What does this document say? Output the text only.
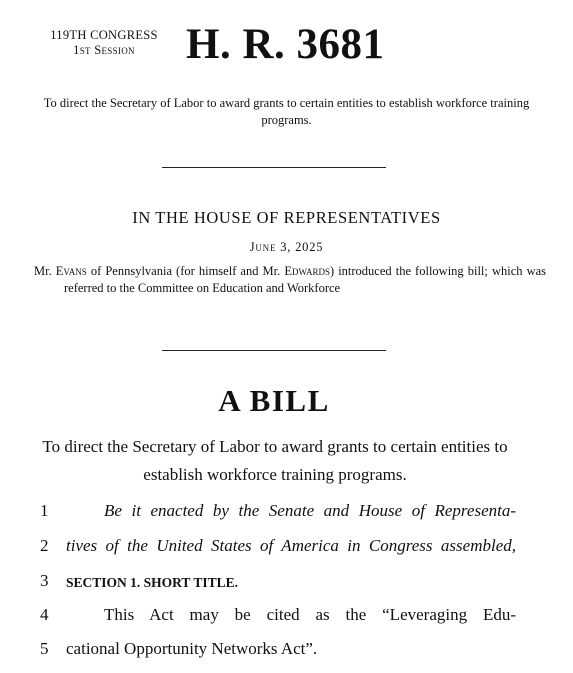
119TH CONGRESS
1st Session	H. R. 3681
To direct the Secretary of Labor to award grants to certain entities to establish workforce training programs.
IN THE HOUSE OF REPRESENTATIVES
June 3, 2025
Mr. Evans of Pennsylvania (for himself and Mr. Edwards) introduced the following bill; which was referred to the Committee on Education and Workforce
A BILL
To direct the Secretary of Labor to award grants to certain entities to establish workforce training programs.
1	Be it enacted by the Senate and House of Representa-
2	tives of the United States of America in Congress assembled,
3	SECTION 1. SHORT TITLE.
4	This Act may be cited as the “Leveraging Edu-
5	cational Opportunity Networks Act”.
